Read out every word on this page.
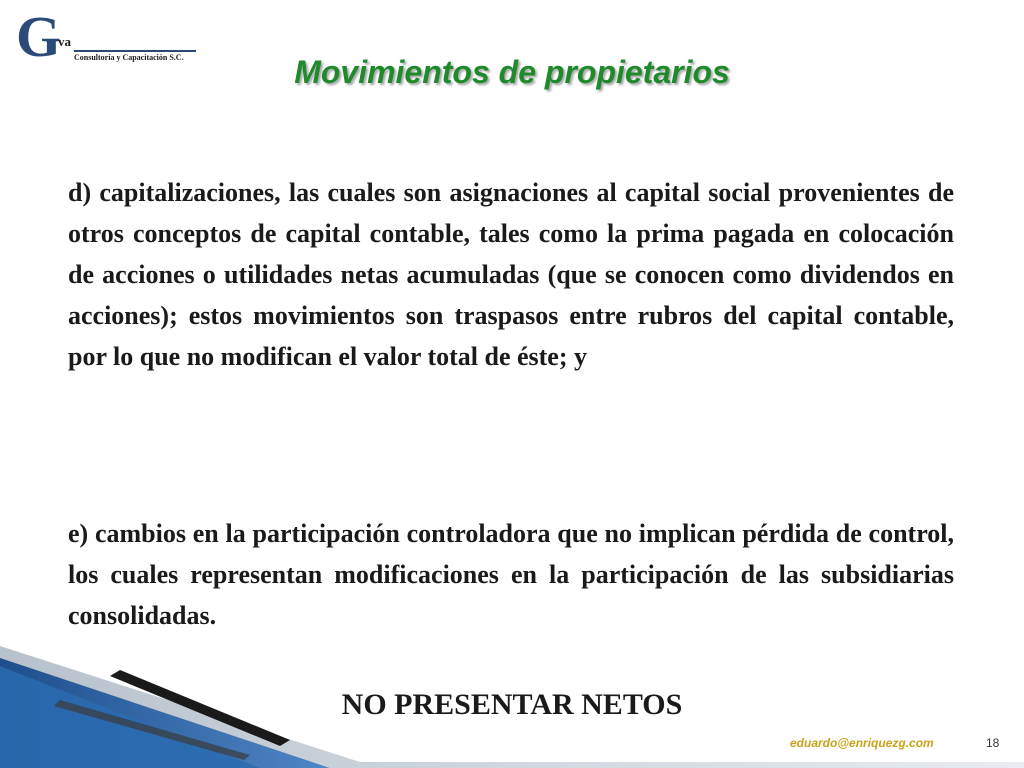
G
va
Consultoría y Capacitación S.C.	Movimientos de propietarios
d) capitalizaciones, las cuales son asignaciones al capital social provenientes de otros conceptos de capital contable, tales como la prima pagada en colocación de acciones o utilidades netas acumuladas (que se conocen como dividendos en acciones); estos movimientos son traspasos entre rubros del capital contable, por lo que no modifican el valor total de éste; y
e) cambios en la participación controladora que no implican pérdida de control, los cuales representan modificaciones en la participación de las subsidiarias consolidadas.
NO PRESENTAR NETOS
eduardo@enriquezg.com	18
